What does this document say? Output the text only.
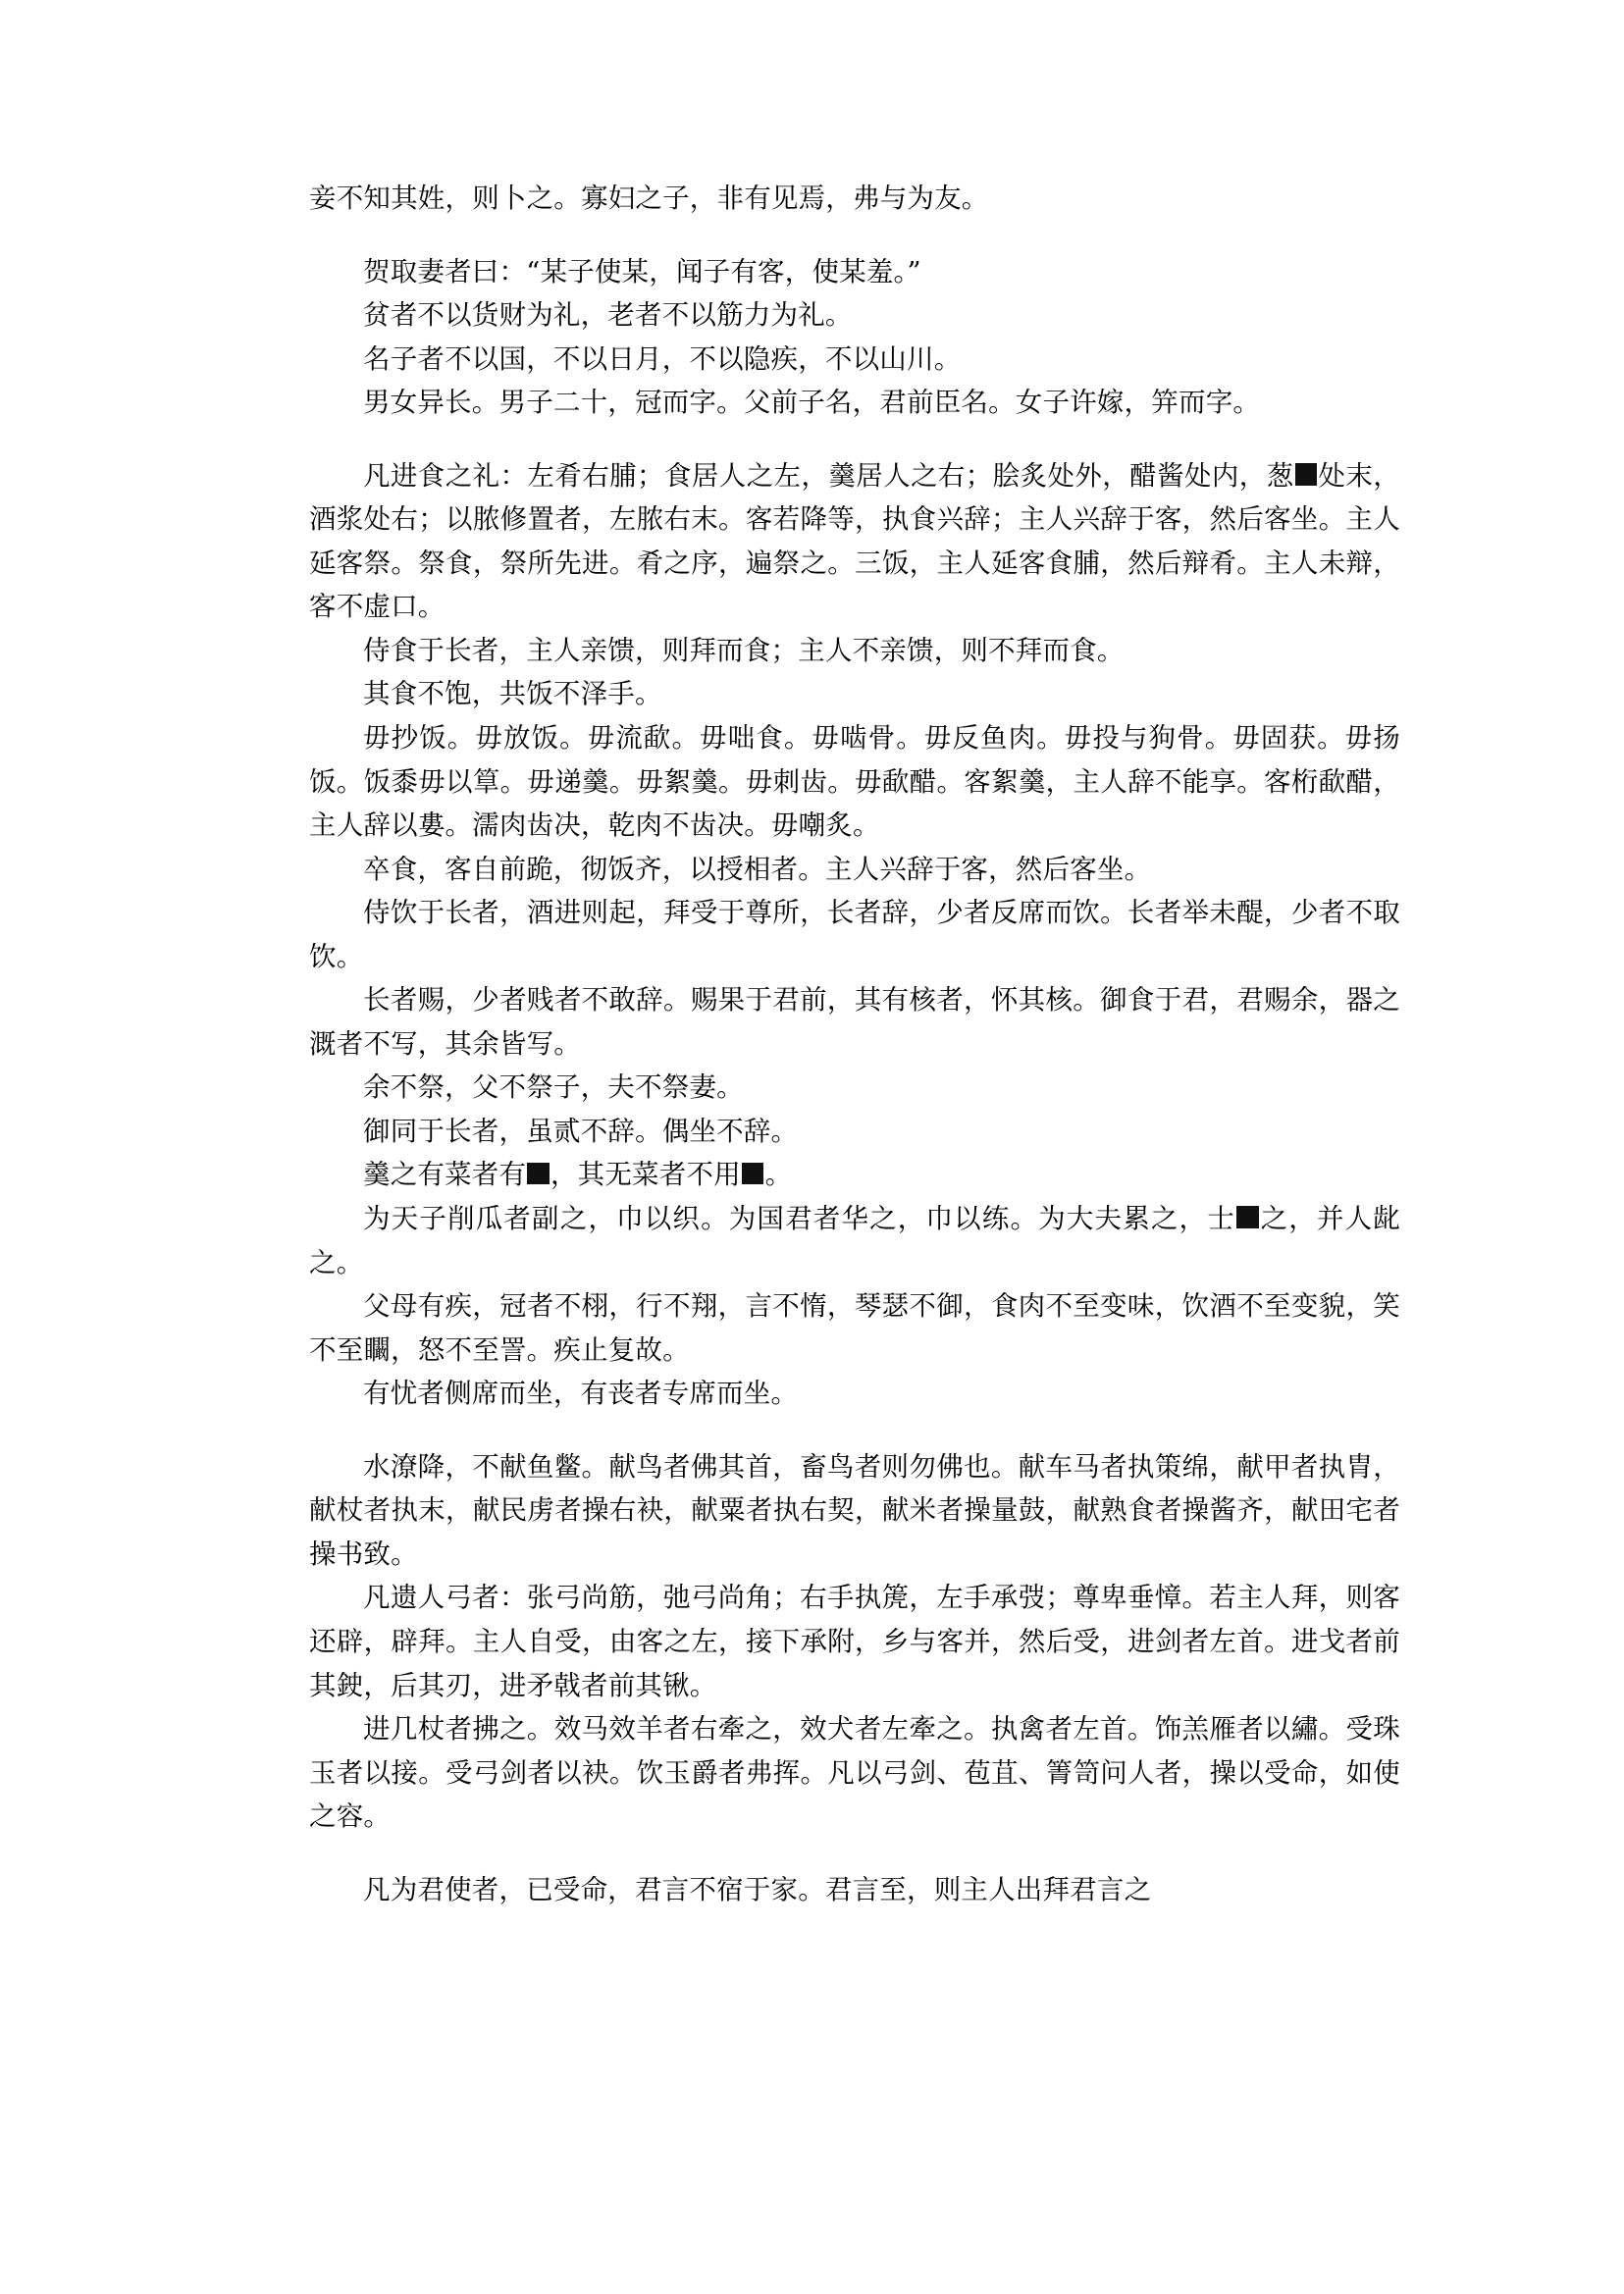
妾不知其姓，则卜之。寡妇之子，非有见焉，弗与为友。

贺取妻者曰：“某子使某，闻子有客，使某羞。”

贫者不以货财为礼，老者不以筋力为礼。

名子者不以国，不以日月，不以隐疾，不以山川。

男女异长。男子二十，冠而字。父前子名，君前臣名。女子许嫁，笄而字。

凡进食之礼：左肴右脯；食居人之左，羹居人之右；脍炙处外，醋酱处内，葱 处末，酒浆处右；以脓修置者，左脓右末。客若降等，执食兴辞；主人兴辞于客，然后客坐。主人延客祭。祭食，祭所先进。肴之序，遍祭之。三饭，主人延客食脯，然后辩肴。主人未辩，客不虚口。

侍食于长者，主人亲馈，则拜而食；主人不亲馈，则不拜而食。

其食不饱，共饭不泽手。

毋抄饭。毋放饭。毋流歃。毋咄食。毋啮骨。毋反鱼肉。毋投与狗骨。毋固获。毋扬饭。饭黍毋以筸。毋递羹。毋絮羹。毋刺齿。毋歃醋。客絮羹，主人辞不能享。客桁歃醋，主人辞以婁。濡肉齿决，乾肉不齿决。毋嘲炙。

卒食，客自前跪，彻饭齐，以授相者。主人兴辞于客，然后客坐。

侍饮于长者，酒进则起，拜受于尊所，长者辞，少者反席而饮。长者举未醍，少者不取饮。

长者赐，少者贱者不敢辞。赐果于君前，其有核者，怀其核。御食于君，君赐余，器之溉者不写，其余皆写。

余不祭，父不祭子，夫不祭妻。

御同于长者，虽贰不辞。偶坐不辞。

羹之有菜者有 ，其无菜者不用 。

为天子削瓜者副之，巾以织。为国君者华之，巾以练。为大夫累之，士 之，并人龀之。

父母有疾，冠者不栩，行不翔，言不惰，琴瑟不御，食肉不至变味，饮酒不至变貌，笑不至矙，怒不至詈。疾止复故。

有忧者侧席而坐，有丧者专席而坐。

水潦降，不献鱼鳖。献鸟者佛其首，畜鸟者则勿佛也。献车马者执策绵，献甲者执胄，献杖者执末，献民虏者操右袂，献粟者执右契，献米者操量鼓，献熟食者操酱齐，献田宅者操书致。

凡遗人弓者：张弓尚筋，弛弓尚角；右手执箎，左手承弢；尊卑垂慞。若主人拜，则客还辟，辟拜。主人自受，由客之左，接下承附，乡与客并，然后受，进剑者左首。进戈者前其鉂，后其刃，进矛戟者前其锹。

进几杖者拂之。效马效羊者右牽之，效犬者左牽之。执禽者左首。饰羔雁者以繡。受珠玉者以接。受弓剑者以袂。饮玉爵者弗挥。凡以弓剑、苞苴、箐笥问人者，操以受命，如使之容。

凡为君使者，已受命，君言不宿于家。君言至，则主人出拜君言之
